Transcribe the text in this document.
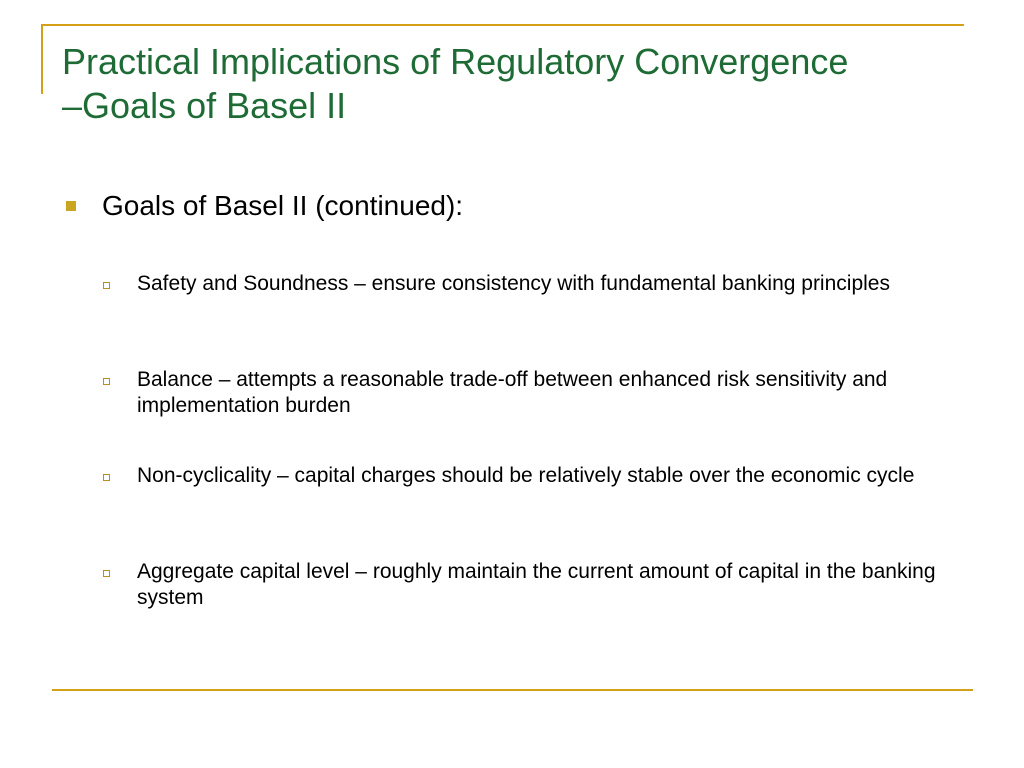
Practical Implications of Regulatory Convergence
–Goals of Basel II
Goals of Basel II (continued):
Safety and Soundness – ensure consistency with fundamental banking principles
Balance – attempts a reasonable trade-off between enhanced risk sensitivity and implementation burden
Non-cyclicality – capital charges should be relatively stable over the economic cycle
Aggregate capital level – roughly maintain the current amount of capital in the banking system
